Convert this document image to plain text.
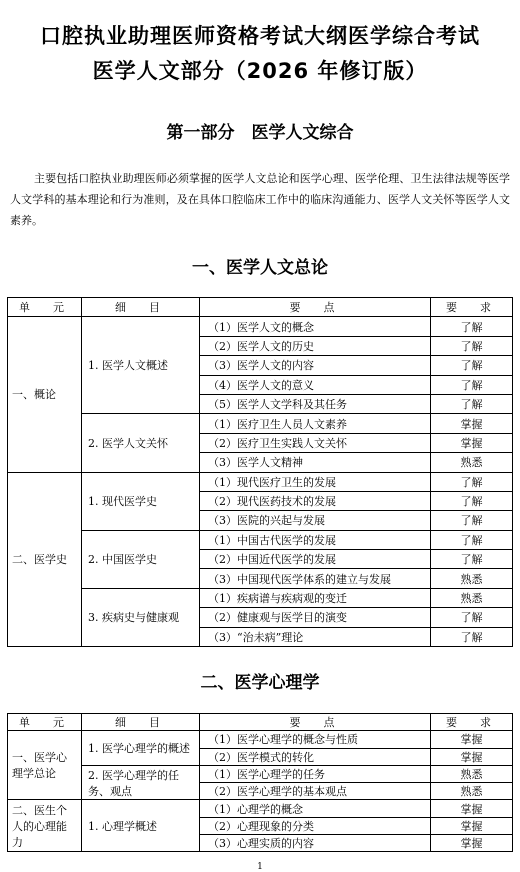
口腔执业助理医师资格考试大纲医学综合考试
医学人文部分（2026 年修订版）
第一部分　医学人文综合
主要包括口腔执业助理医师必须掌握的医学人文总论和医学心理、医学伦理、卫生法律法规等医学人文学科的基本理论和行为准则，及在具体口腔临床工作中的临床沟通能力、医学人文关怀等医学人文素养。
一、医学人文总论
单　元	细　目	要　点	要　求
一、概论	1. 医学人文概述	（1）医学人文的概念	了解
		（2）医学人文的历史	了解
		（3）医学人文的内容	了解
		（4）医学人文的意义	了解
		（5）医学人文学科及其任务	了解
	2. 医学人文关怀	（1）医疗卫生人员人文素养	掌握
		（2）医疗卫生实践人文关怀	掌握
		（3）医学人文精神	熟悉
二、医学史	1. 现代医学史	（1）现代医疗卫生的发展	了解
		（2）现代医药技术的发展	了解
		（3）医院的兴起与发展	了解
	2. 中国医学史	（1）中国古代医学的发展	了解
		（2）中国近代医学的发展	了解
		（3）中国现代医学体系的建立与发展	熟悉
	3. 疾病史与健康观	（1）疾病谱与疾病观的变迁	熟悉
		（2）健康观与医学目的演变	了解
		（3）“治未病”理论	了解
二、医学心理学
单　元	细　目	要　点	要　求
一、医学心理学总论	1. 医学心理学的概述	（1）医学心理学的概念与性质	掌握
		（2）医学模式的转化	掌握
	2. 医学心理学的任务、观点	（1）医学心理学的任务	熟悉
		（2）医学心理学的基本观点	熟悉
二、医生个人的心理能力	1. 心理学概述	（1）心理学的概念	掌握
		（2）心理现象的分类	掌握
		（3）心理实质的内容	掌握
1
